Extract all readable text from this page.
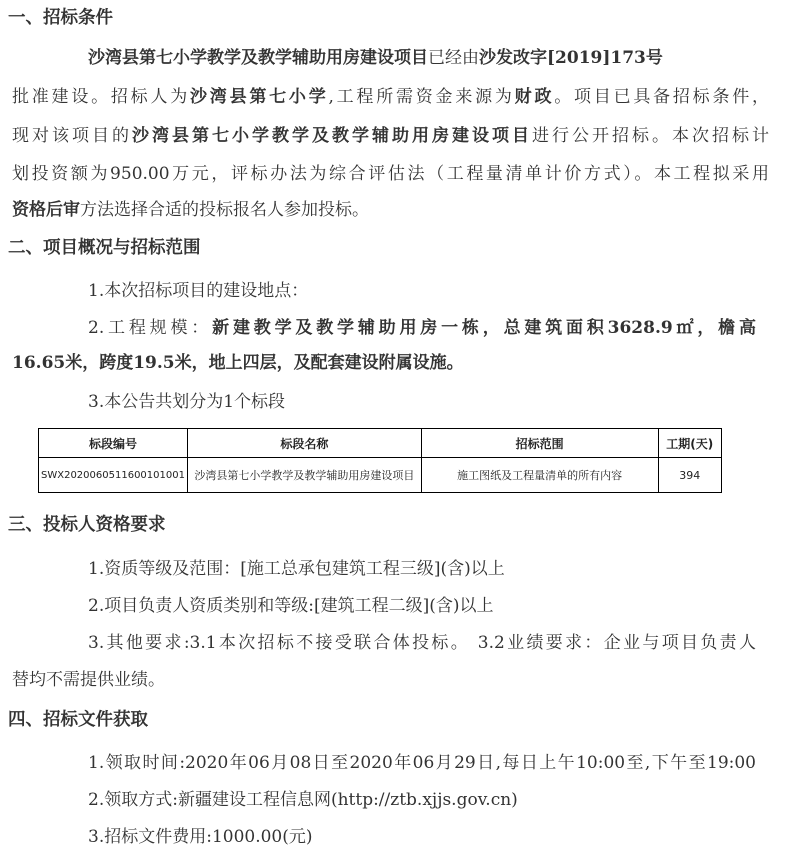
一、招标条件
沙湾县第七小学教学及教学辅助用房建设项目已经由沙发改字[2019]173号
批准建设。招标人为沙湾县第七小学,工程所需资金来源为财政。项目已具备招标条件，
现对该项目的沙湾县第七小学教学及教学辅助用房建设项目进行公开招标。本次招标计
划投资额为950.00万元，评标办法为综合评估法（工程量清单计价方式）。本工程拟采用
资格后审方法选择合适的投标报名人参加投标。
二、项目概况与招标范围
1.本次招标项目的建设地点：
2.工程规模：新建教学及教学辅助用房一栋，总建筑面积3628.9㎡，檐高
16.65米，跨度19.5米，地上四层，及配套建设附属设施。
3.本公告共划分为1个标段
标段编号	标段名称	招标范围	工期(天)
SWX2020060511600101001	沙湾县第七小学教学及教学辅助用房建设项目	施工图纸及工程量清单的所有内容	394
三、投标人资格要求
1.资质等级及范围：[施工总承包建筑工程三级](含)以上
2.项目负责人资质类别和等级:[建筑工程二级](含)以上
3.其他要求:3.1本次招标不接受联合体投标。 3.2业绩要求：企业与项目负责人
替均不需提供业绩。
四、招标文件获取
1.领取时间:2020年06月08日至2020年06月29日,每日上午10:00至,下午至19:00
2.领取方式:新疆建设工程信息网(http://ztb.xjjs.gov.cn)
3.招标文件费用:1000.00(元)
